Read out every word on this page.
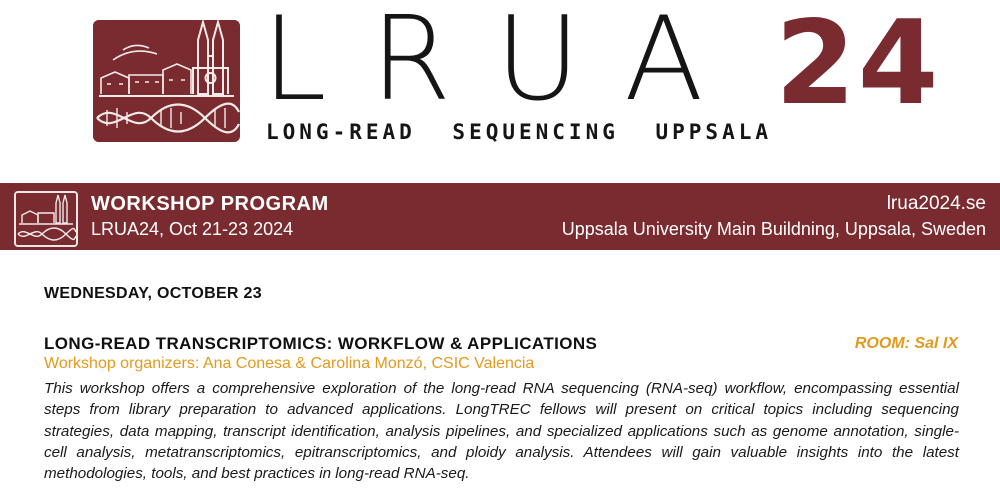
LRUA 24
LONG-READ SEQUENCING UPPSALA
WORKSHOP PROGRAM
LRUA24, Oct 21-23 2024
lrua2024.se
Uppsala University Main Buildning, Uppsala, Sweden
WEDNESDAY, OCTOBER 23
LONG-READ TRANSCRIPTOMICS: WORKFLOW & APPLICATIONS	ROOM: Sal IX
Workshop organizers: Ana Conesa & Carolina Monzó, CSIC Valencia
This workshop offers a comprehensive exploration of the long-read RNA sequencing (RNA-seq) workflow, encompassing essential steps from library preparation to advanced applications. LongTREC fellows will present on critical topics including sequencing strategies, data mapping, transcript identification, analysis pipelines, and specialized applications such as genome annotation, single-cell analysis, metatranscriptomics, epitranscriptomics, and ploidy analysis. Attendees will gain valuable insights into the latest methodologies, tools, and best practices in long-read RNA-seq.
